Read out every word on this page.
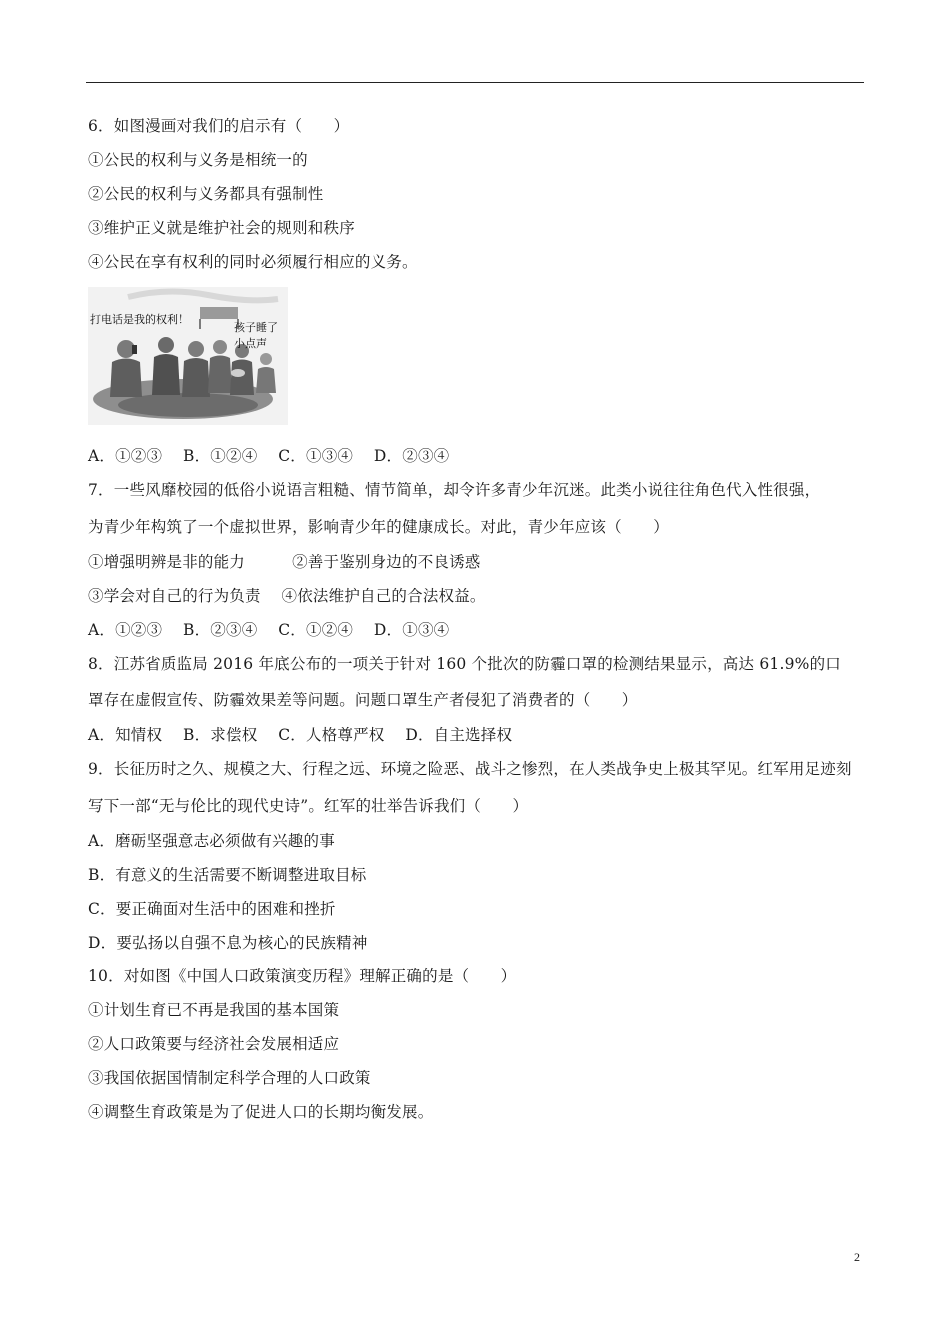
6．如图漫画对我们的启示有（　　）
①公民的权利与义务是相统一的
②公民的权利与义务都具有强制性
③维护正义就是维护社会的规则和秩序
④公民在享有权利的同时必须履行相应的义务。
打电话是我的权利！
孩子睡了
小点声
A．①②③　 B．①②④　 C．①③④　 D．②③④
7．一些风靡校园的低俗小说语言粗糙、情节简单，却令许多青少年沉迷。此类小说往往角色代入性很强，
为青少年构筑了一个虚拟世界，影响青少年的健康成长。对此，青少年应该（　　）
①增强明辨是非的能力　　　②善于鉴别身边的不良诱惑
③学会对自己的行为负责　 ④依法维护自己的合法权益。
A．①②③　 B．②③④　 C．①②④　 D．①③④
8．江苏省质监局 2016 年底公布的一项关于针对 160 个批次的防霾口罩的检测结果显示，高达 61.9%的口
罩存在虚假宣传、防霾效果差等问题。问题口罩生产者侵犯了消费者的（　　）
A．知情权　 B．求偿权　 C．人格尊严权　 D．自主选择权
9．长征历时之久、规模之大、行程之远、环境之险恶、战斗之惨烈，在人类战争史上极其罕见。红军用足迹刻
写下一部“无与伦比的现代史诗”。红军的壮举告诉我们（　　）
A．磨砺坚强意志必须做有兴趣的事
B．有意义的生活需要不断调整进取目标
C．要正确面对生活中的困难和挫折
D．要弘扬以自强不息为核心的民族精神
10．对如图《中国人口政策演变历程》理解正确的是（　　）
①计划生育已不再是我国的基本国策
②人口政策要与经济社会发展相适应
③我国依据国情制定科学合理的人口政策
④调整生育政策是为了促进人口的长期均衡发展。
2
